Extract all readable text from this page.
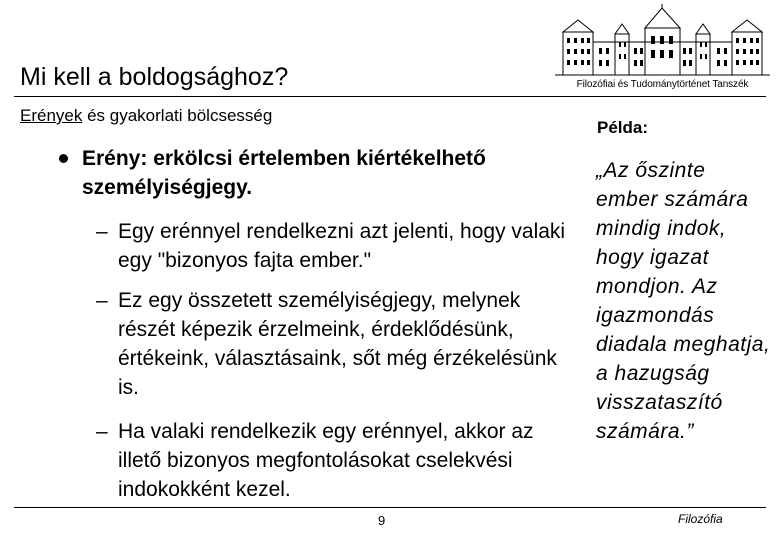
Mi kell a boldogsághoz?	Filozófiai és Tudománytörténet Tanszék
Erények és gyakorlati bölcsesség
Példa:
Erény: erkölcsi értelemben kiértékelhető személyiségjegy.
– Egy erénnyel rendelkezni azt jelenti, hogy valaki egy "bizonyos fajta ember."
– Ez egy összetett személyiségjegy, melynek részét képezik érzelmeink, érdeklődésünk, értékeink, választásaink, sőt még érzékelésünk is.
– Ha valaki rendelkezik egy erénnyel, akkor az illető bizonyos megfontolásokat cselekvési indokokként kezel.
„Az őszinte ember számára mindig indok, hogy igazat mondjon. Az igazmondás diadala meghatja, a hazugság visszataszító számára.”
9	Filozófia
